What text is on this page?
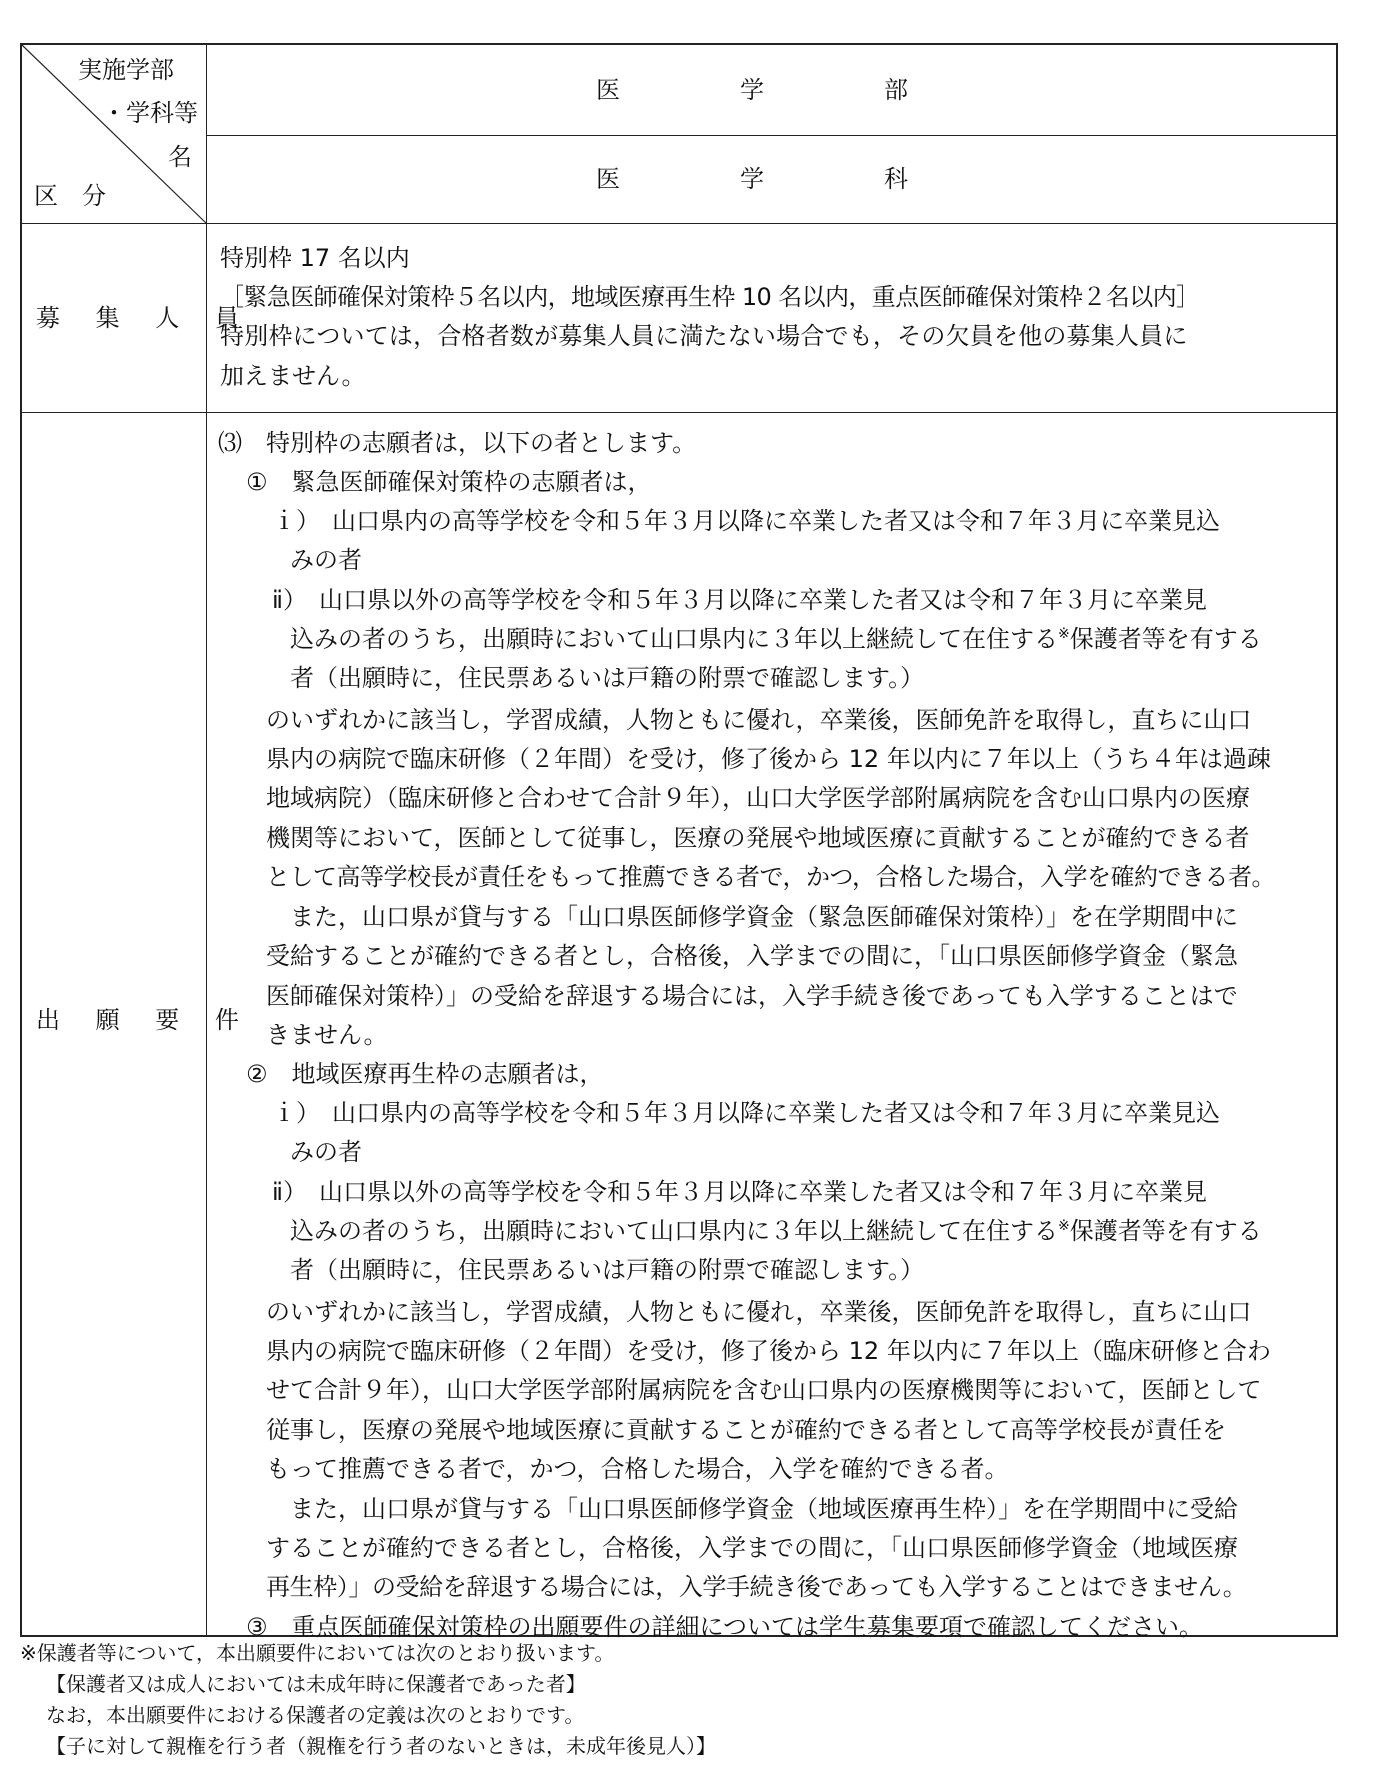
実施学部
・学科等
名
区　分
医　　　　　学　　　　　部
医　　　　　学　　　　　科
募 集 人 員
特別枠 17 名以内
［緊急医師確保対策枠５名以内，地域医療再生枠 10 名以内，重点医師確保対策枠２名以内］
特別枠については，合格者数が募集人員に満たない場合でも，その欠員を他の募集人員に
加えません。
出 願 要 件
⑶　特別枠の志願者は，以下の者とします。
①　緊急医師確保対策枠の志願者は，
ｉ）　山口県内の高等学校を令和５年３月以降に卒業した者又は令和７年３月に卒業見込
みの者
ⅱ）　山口県以外の高等学校を令和５年３月以降に卒業した者又は令和７年３月に卒業見
込みの者のうち，出願時において山口県内に３年以上継続して在住する※保護者等を有する
者（出願時に，住民票あるいは戸籍の附票で確認します。）
のいずれかに該当し，学習成績，人物ともに優れ，卒業後，医師免許を取得し，直ちに山口
県内の病院で臨床研修（２年間）を受け，修了後から 12 年以内に７年以上（うち４年は過疎
地域病院）（臨床研修と合わせて合計９年），山口大学医学部附属病院を含む山口県内の医療
機関等において，医師として従事し，医療の発展や地域医療に貢献することが確約できる者
として高等学校長が責任をもって推薦できる者で，かつ，合格した場合，入学を確約できる者。
　また，山口県が貸与する「山口県医師修学資金（緊急医師確保対策枠）」を在学期間中に
受給することが確約できる者とし，合格後，入学までの間に，「山口県医師修学資金（緊急
医師確保対策枠）」の受給を辞退する場合には，入学手続き後であっても入学することはで
きません。
②　地域医療再生枠の志願者は，
ｉ）　山口県内の高等学校を令和５年３月以降に卒業した者又は令和７年３月に卒業見込
みの者
ⅱ）　山口県以外の高等学校を令和５年３月以降に卒業した者又は令和７年３月に卒業見
込みの者のうち，出願時において山口県内に３年以上継続して在住する※保護者等を有する
者（出願時に，住民票あるいは戸籍の附票で確認します。）
のいずれかに該当し，学習成績，人物ともに優れ，卒業後，医師免許を取得し，直ちに山口
県内の病院で臨床研修（２年間）を受け，修了後から 12 年以内に７年以上（臨床研修と合わ
せて合計９年），山口大学医学部附属病院を含む山口県内の医療機関等において，医師として
従事し，医療の発展や地域医療に貢献することが確約できる者として高等学校長が責任を
もって推薦できる者で，かつ，合格した場合，入学を確約できる者。
　また，山口県が貸与する「山口県医師修学資金（地域医療再生枠）」を在学期間中に受給
することが確約できる者とし，合格後，入学までの間に，「山口県医師修学資金（地域医療
再生枠）」の受給を辞退する場合には，入学手続き後であっても入学することはできません。
③　重点医師確保対策枠の出願要件の詳細については学生募集要項で確認してください。
※保護者等について，本出願要件においては次のとおり扱います。
【保護者又は成人においては未成年時に保護者であった者】
なお，本出願要件における保護者の定義は次のとおりです。
【子に対して親権を行う者（親権を行う者のないときは，未成年後見人）】
